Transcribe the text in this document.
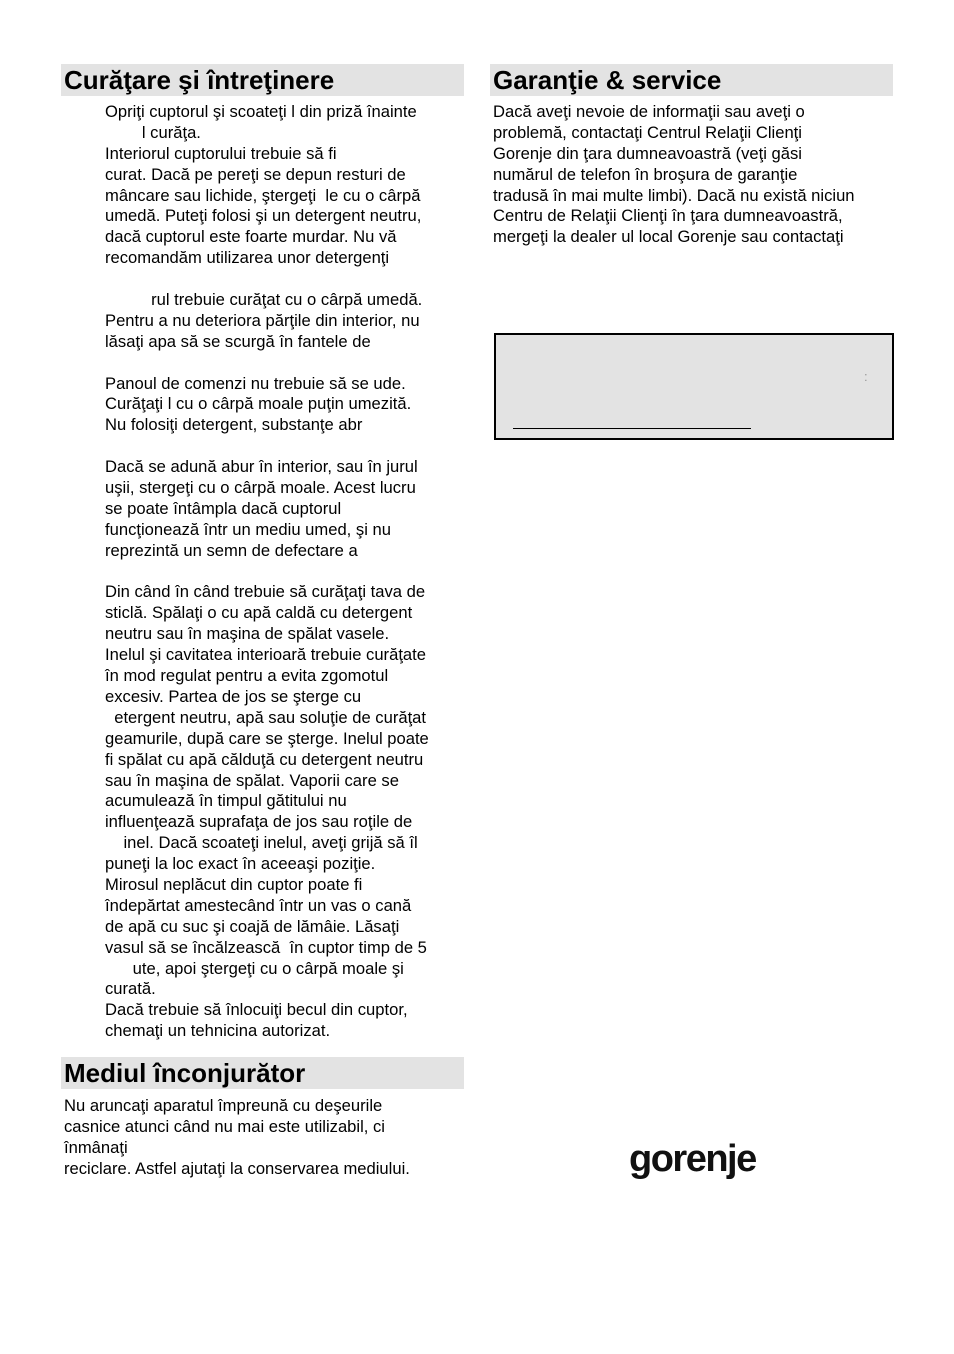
Curăţare şi întreţinere
Opriţi cuptorul şi scoateţi l din priză înainte
l curăţa.
Interiorul cuptorului trebuie să fi
curat. Dacă pe pereţi se depun resturi de
mâncare sau lichide, ştergeţi  le cu o cârpă
umedă. Puteţi folosi şi un detergent neutru,
dacă cuptorul este foarte murdar. Nu vă
recomandăm utilizarea unor detergenţi
rul trebuie curăţat cu o cârpă umedă.
Pentru a nu deteriora părţile din interior, nu
lăsaţi apa să se scurgă în fantele de
Panoul de comenzi nu trebuie să se ude.
Curăţaţi l cu o cârpă moale puţin umezită.
Nu folosiţi detergent, substanţe abr
Dacă se adună abur în interior, sau în jurul
uşii, stergeţi cu o cârpă moale. Acest lucru
se poate întâmpla dacă cuptorul
funcţionează într un mediu umed, şi nu
reprezintă un semn de defectare a
Din când în când trebuie să curăţaţi tava de
sticlă. Spălaţi o cu apă caldă cu detergent
neutru sau în maşina de spălat vasele.
Inelul şi cavitatea interioară trebuie curăţate
în mod regulat pentru a evita zgomotul
excesiv. Partea de jos se şterge cu
etergent neutru, apă sau soluţie de curăţat
geamurile, după care se şterge. Inelul poate
fi spălat cu apă călduţă cu detergent neutru
sau în maşina de spălat. Vaporii care se
acumulează în timpul gătitului nu
influenţează suprafaţa de jos sau roţile de
inel. Dacă scoateţi inelul, aveţi grijă să îl
puneţi la loc exact în aceeaşi poziţie.
Mirosul neplăcut din cuptor poate fi
îndepărtat amestecând într un vas o cană
de apă cu suc şi coajă de lămâie. Lăsaţi
vasul să se încălzească  în cuptor timp de 5
ute, apoi ştergeţi cu o cârpă moale şi
curată.
Dacă trebuie să înlocuiţi becul din cuptor,
chemaţi un tehnicina autorizat.
Mediul înconjurător
Nu aruncaţi aparatul împreună cu deşeurile
casnice atunci când nu mai este utilizabil, ci
înmânaţi
reciclare. Astfel ajutaţi la conservarea mediului.
Garanţie & service
Dacă aveţi nevoie de informaţii sau aveţi o
problemă, contactaţi Centrul Relaţii Clienţi
Gorenje din ţara dumneavoastră (veţi găsi
numărul de telefon în broşura de garanţie
tradusă în mai multe limbi). Dacă nu există niciun
Centru de Relaţii Clienţi în ţara dumneavoastră,
mergeţi la dealer ul local Gorenje sau contactaţi
:
gorenje
